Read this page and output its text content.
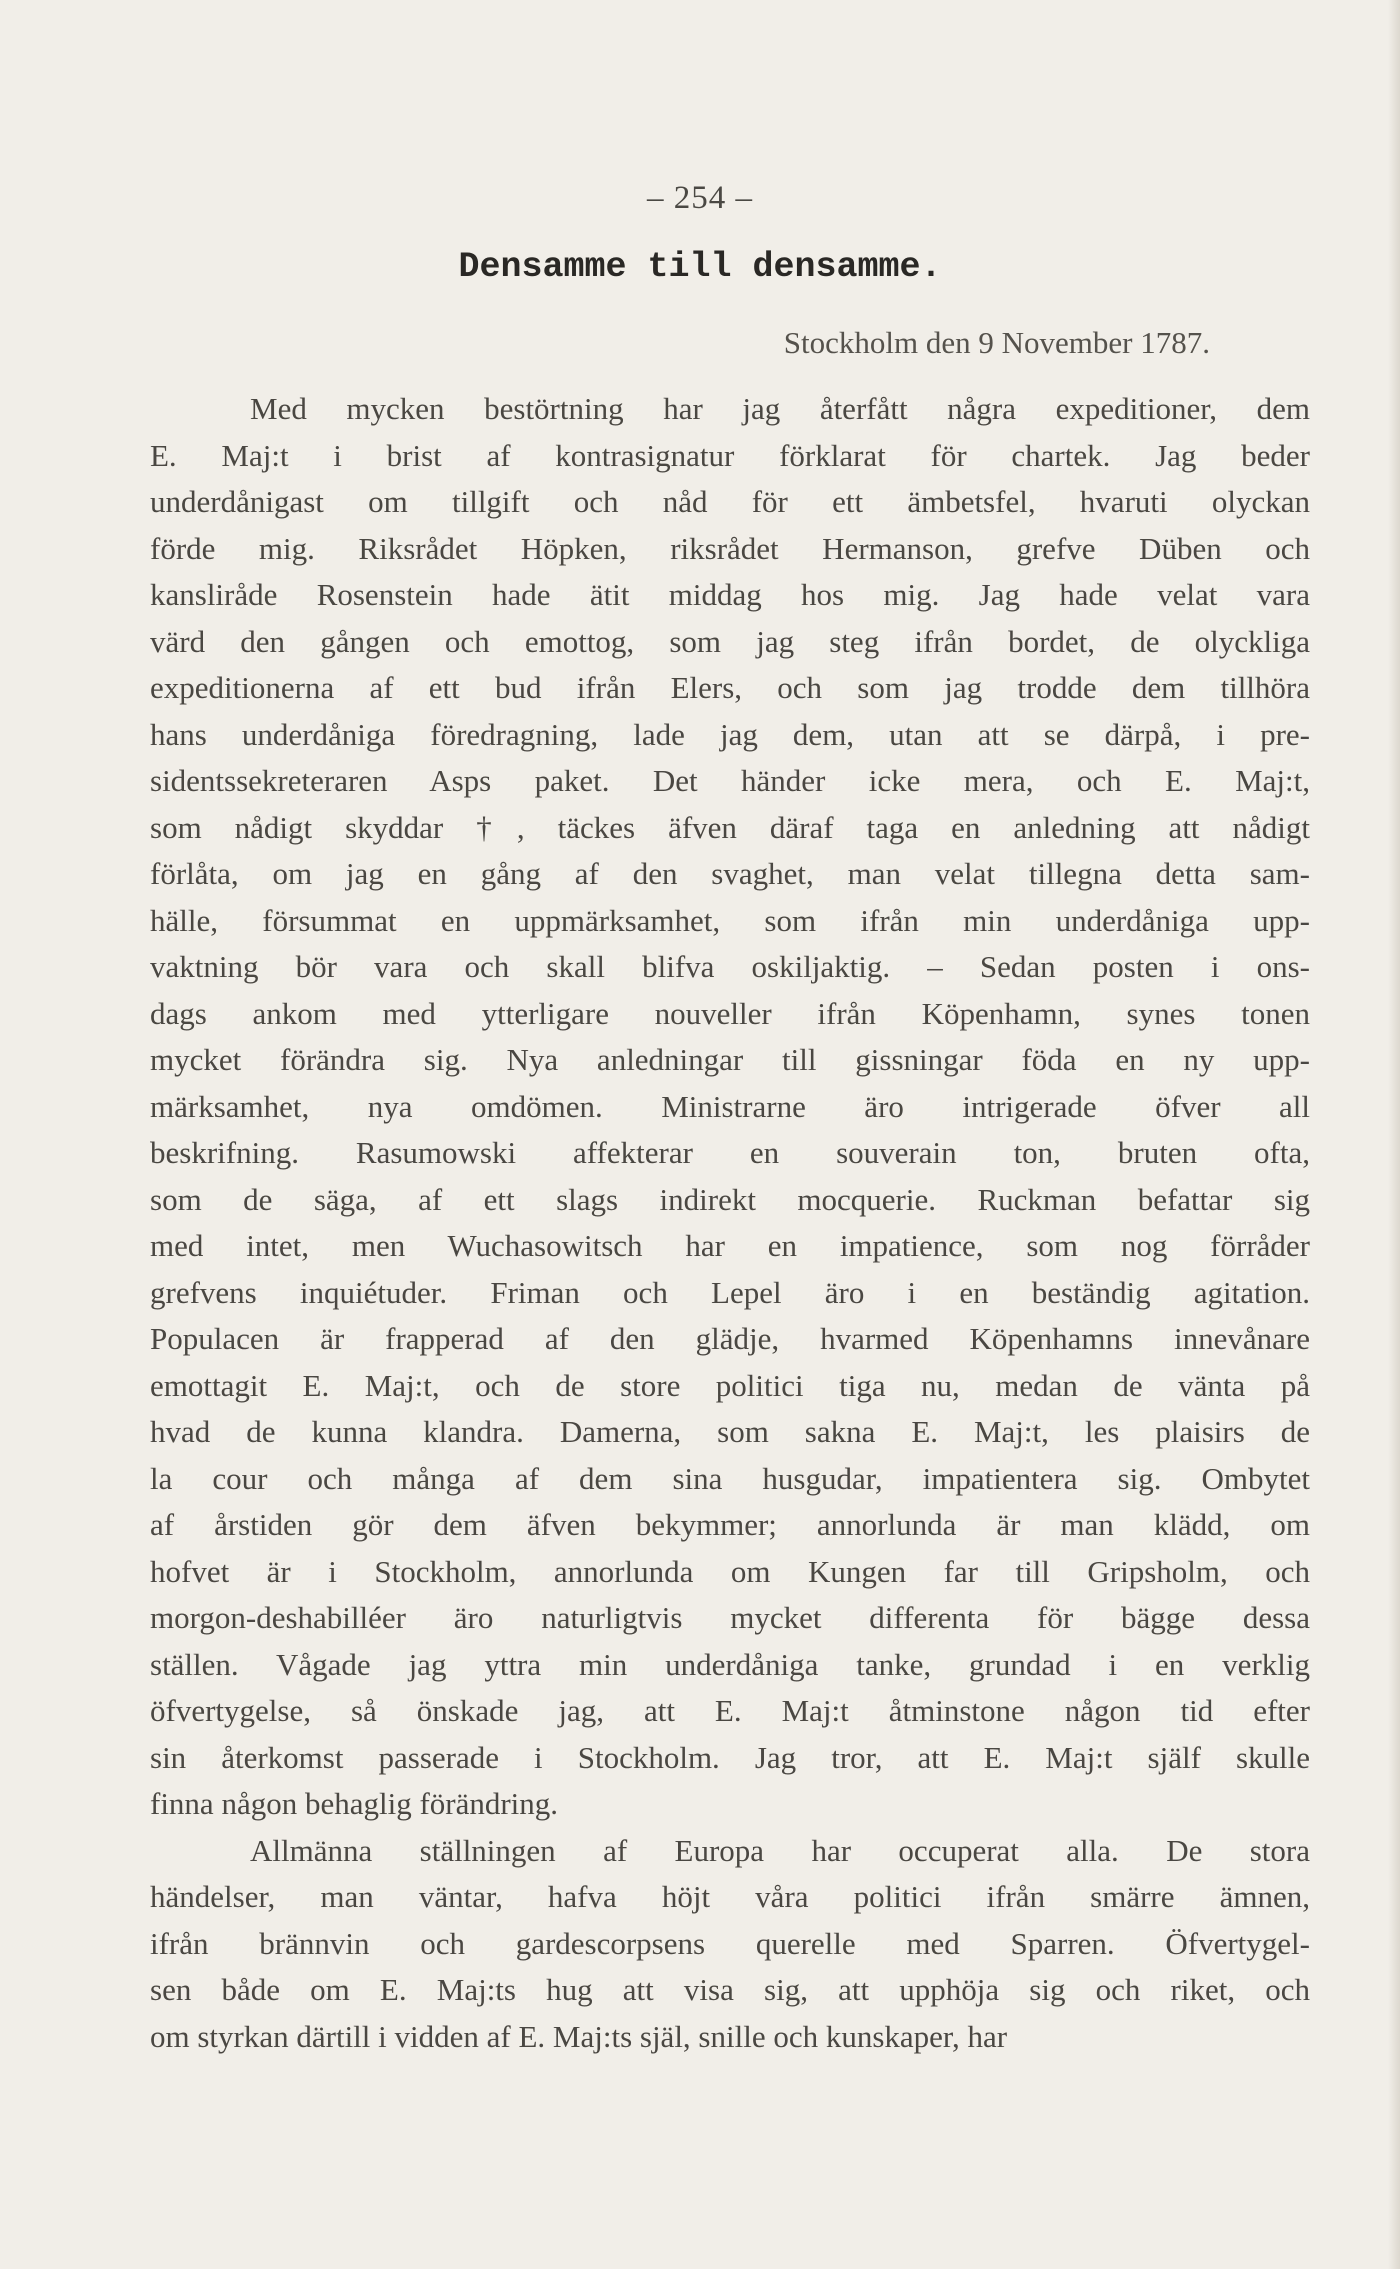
– 254 –
Densamme till densamme.
Stockholm den 9 November 1787.
Med mycken bestörtning har jag återfått några expeditioner, dem
E. Maj:t i brist af kontrasignatur förklarat för chartek. Jag beder
underdånigast om tillgift och nåd för ett ämbetsfel, hvaruti olyckan
förde mig. Riksrådet Höpken, riksrådet Hermanson, grefve Düben och
kansliråde Rosenstein hade ätit middag hos mig. Jag hade velat vara
värd den gången och emottog, som jag steg ifrån bordet, de olyckliga
expeditionerna af ett bud ifrån Elers, och som jag trodde dem tillhöra
hans underdåniga föredragning, lade jag dem, utan att se därpå, i pre-
sidentssekreteraren Asps paket. Det händer icke mera, och E. Maj:t,
som nådigt skyddar †, täckes äfven däraf taga en anledning att nådigt
förlåta, om jag en gång af den svaghet, man velat tillegna detta sam-
hälle, försummat en uppmärksamhet, som ifrån min underdåniga upp-
vaktning bör vara och skall blifva oskiljaktig. – Sedan posten i ons-
dags ankom med ytterligare nouveller ifrån Köpenhamn, synes tonen
mycket förändra sig. Nya anledningar till gissningar föda en ny upp-
märksamhet, nya omdömen. Ministrarne äro intrigerade öfver all
beskrifning. Rasumowski affekterar en souverain ton, bruten ofta,
som de säga, af ett slags indirekt mocquerie. Ruckman befattar sig
med intet, men Wuchasowitsch har en impatience, som nog förråder
grefvens inquiétuder. Friman och Lepel äro i en beständig agitation.
Populacen är frapperad af den glädje, hvarmed Köpenhamns innevånare
emottagit E. Maj:t, och de store politici tiga nu, medan de vänta på
hvad de kunna klandra. Damerna, som sakna E. Maj:t, les plaisirs de
la cour och många af dem sina husgudar, impatientera sig. Ombytet
af årstiden gör dem äfven bekymmer; annorlunda är man klädd, om
hofvet är i Stockholm, annorlunda om Kungen far till Gripsholm, och
morgon-deshabilléer äro naturligtvis mycket differenta för bägge dessa
ställen. Vågade jag yttra min underdåniga tanke, grundad i en verklig
öfvertygelse, så önskade jag, att E. Maj:t åtminstone någon tid efter
sin återkomst passerade i Stockholm. Jag tror, att E. Maj:t själf skulle
finna någon behaglig förändring.
Allmänna ställningen af Europa har occuperat alla. De stora
händelser, man väntar, hafva höjt våra politici ifrån smärre ämnen,
ifrån brännvin och gardescorpsens querelle med Sparren. Öfvertygel-
sen både om E. Maj:ts hug att visa sig, att upphöja sig och riket, och
om styrkan därtill i vidden af E. Maj:ts själ, snille och kunskaper, har
